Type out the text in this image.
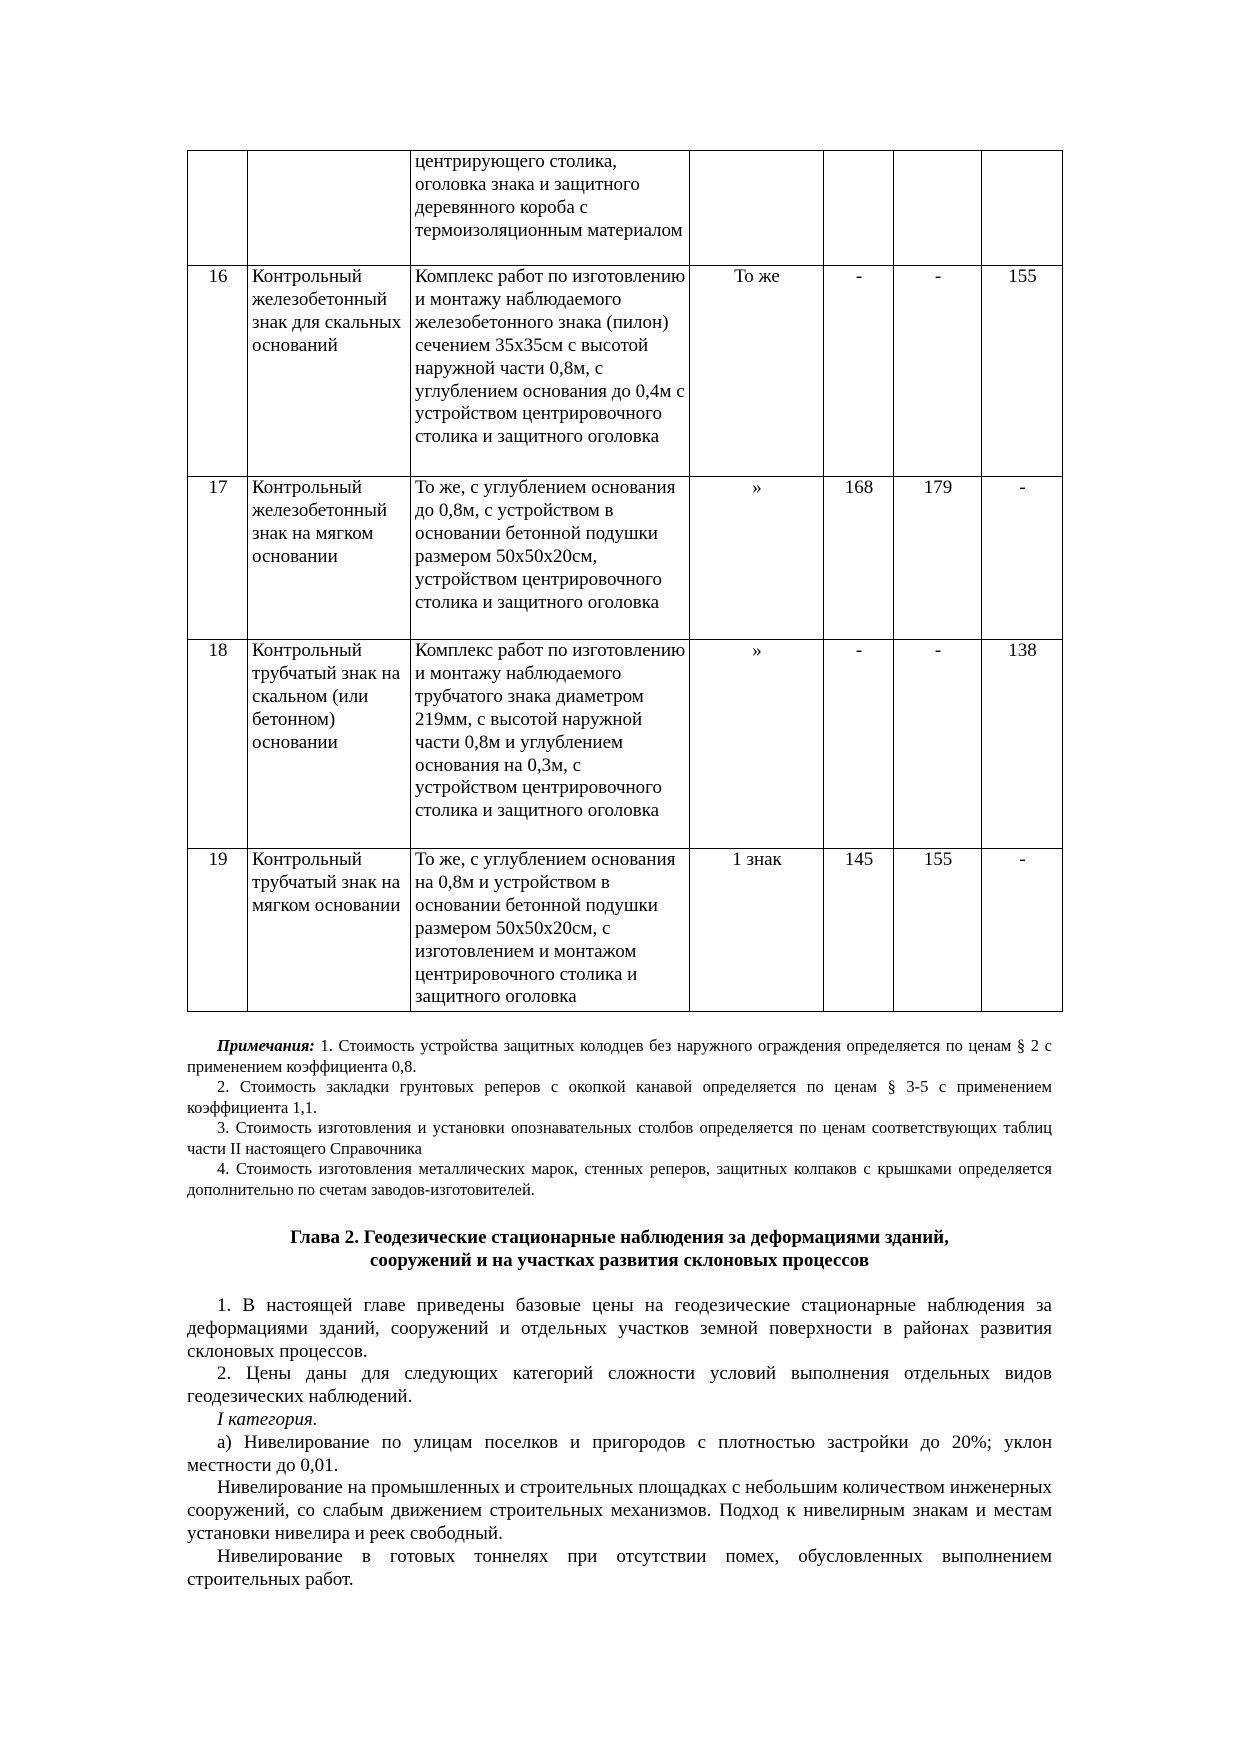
		центрирующего столика, оголовка знака и защитного деревянного короба с термоизоляционным материалом				
16	Контрольный железобетонный знак для скальных оснований	Комплекс работ по изготовлению и монтажу наблюдаемого железобетонного знака (пилон) сечением 35х35см с высотой наружной части 0,8м, с углублением основания до 0,4м с устройством центрировочного столика и защитного оголовка	То же	-	-	155
17	Контрольный железобетонный знак на мягком основании	То же, с углублением основания до 0,8м, с устройством в основании бетонной подушки размером 50х50х20см, устройством центрировочного столика и защитного оголовка	»	168	179	-
18	Контрольный трубчатый знак на скальном (или бетонном) основании	Комплекс работ по изготовлению и монтажу наблюдаемого трубчатого знака диаметром 219мм, с высотой наружной части 0,8м и углублением основания на 0,3м, с устройством центрировочного столика и защитного оголовка	»	-	-	138
19	Контрольный трубчатый знак на мягком основании	То же, с углублением основания на 0,8м и устройством в основании бетонной подушки размером 50х50х20см, с изготовлением и монтажом центрировочного столика и защитного оголовка	1 знак	145	155	-

Примечания: 1. Стоимость устройства защитных колодцев без наружного ограждения определяется по ценам § 2 с применением коэффициента 0,8.

2. Стоимость закладки грунтовых реперов с окопкой канавой определяется по ценам § 3-5 с применением коэффициента 1,1.

3. Стоимость изготовления и установки опознавательных столбов определяется по ценам соответствующих таблиц части II настоящего Справочника

4. Стоимость изготовления металлических марок, стенных реперов, защитных колпаков с крышками определяется дополнительно по счетам заводов-изготовителей.

Глава 2. Геодезические стационарные наблюдения за деформациями зданий,
сооружений и на участках развития склоновых процессов

1. В настоящей главе приведены базовые цены на геодезические стационарные наблюдения за деформациями зданий, сооружений и отдельных участков земной поверхности в районах развития склоновых процессов.

2. Цены даны для следующих категорий сложности условий выполнения отдельных видов геодезических наблюдений.

I категория.

а) Нивелирование по улицам поселков и пригородов с плотностью застройки до 20%; уклон местности до 0,01.

Нивелирование на промышленных и строительных площадках с небольшим количеством инженерных сооружений, со слабым движением строительных механизмов. Подход к нивелирным знакам и местам установки нивелира и реек свободный.

Нивелирование в готовых тоннелях при отсутствии помех, обусловленных выполнением строительных работ.
